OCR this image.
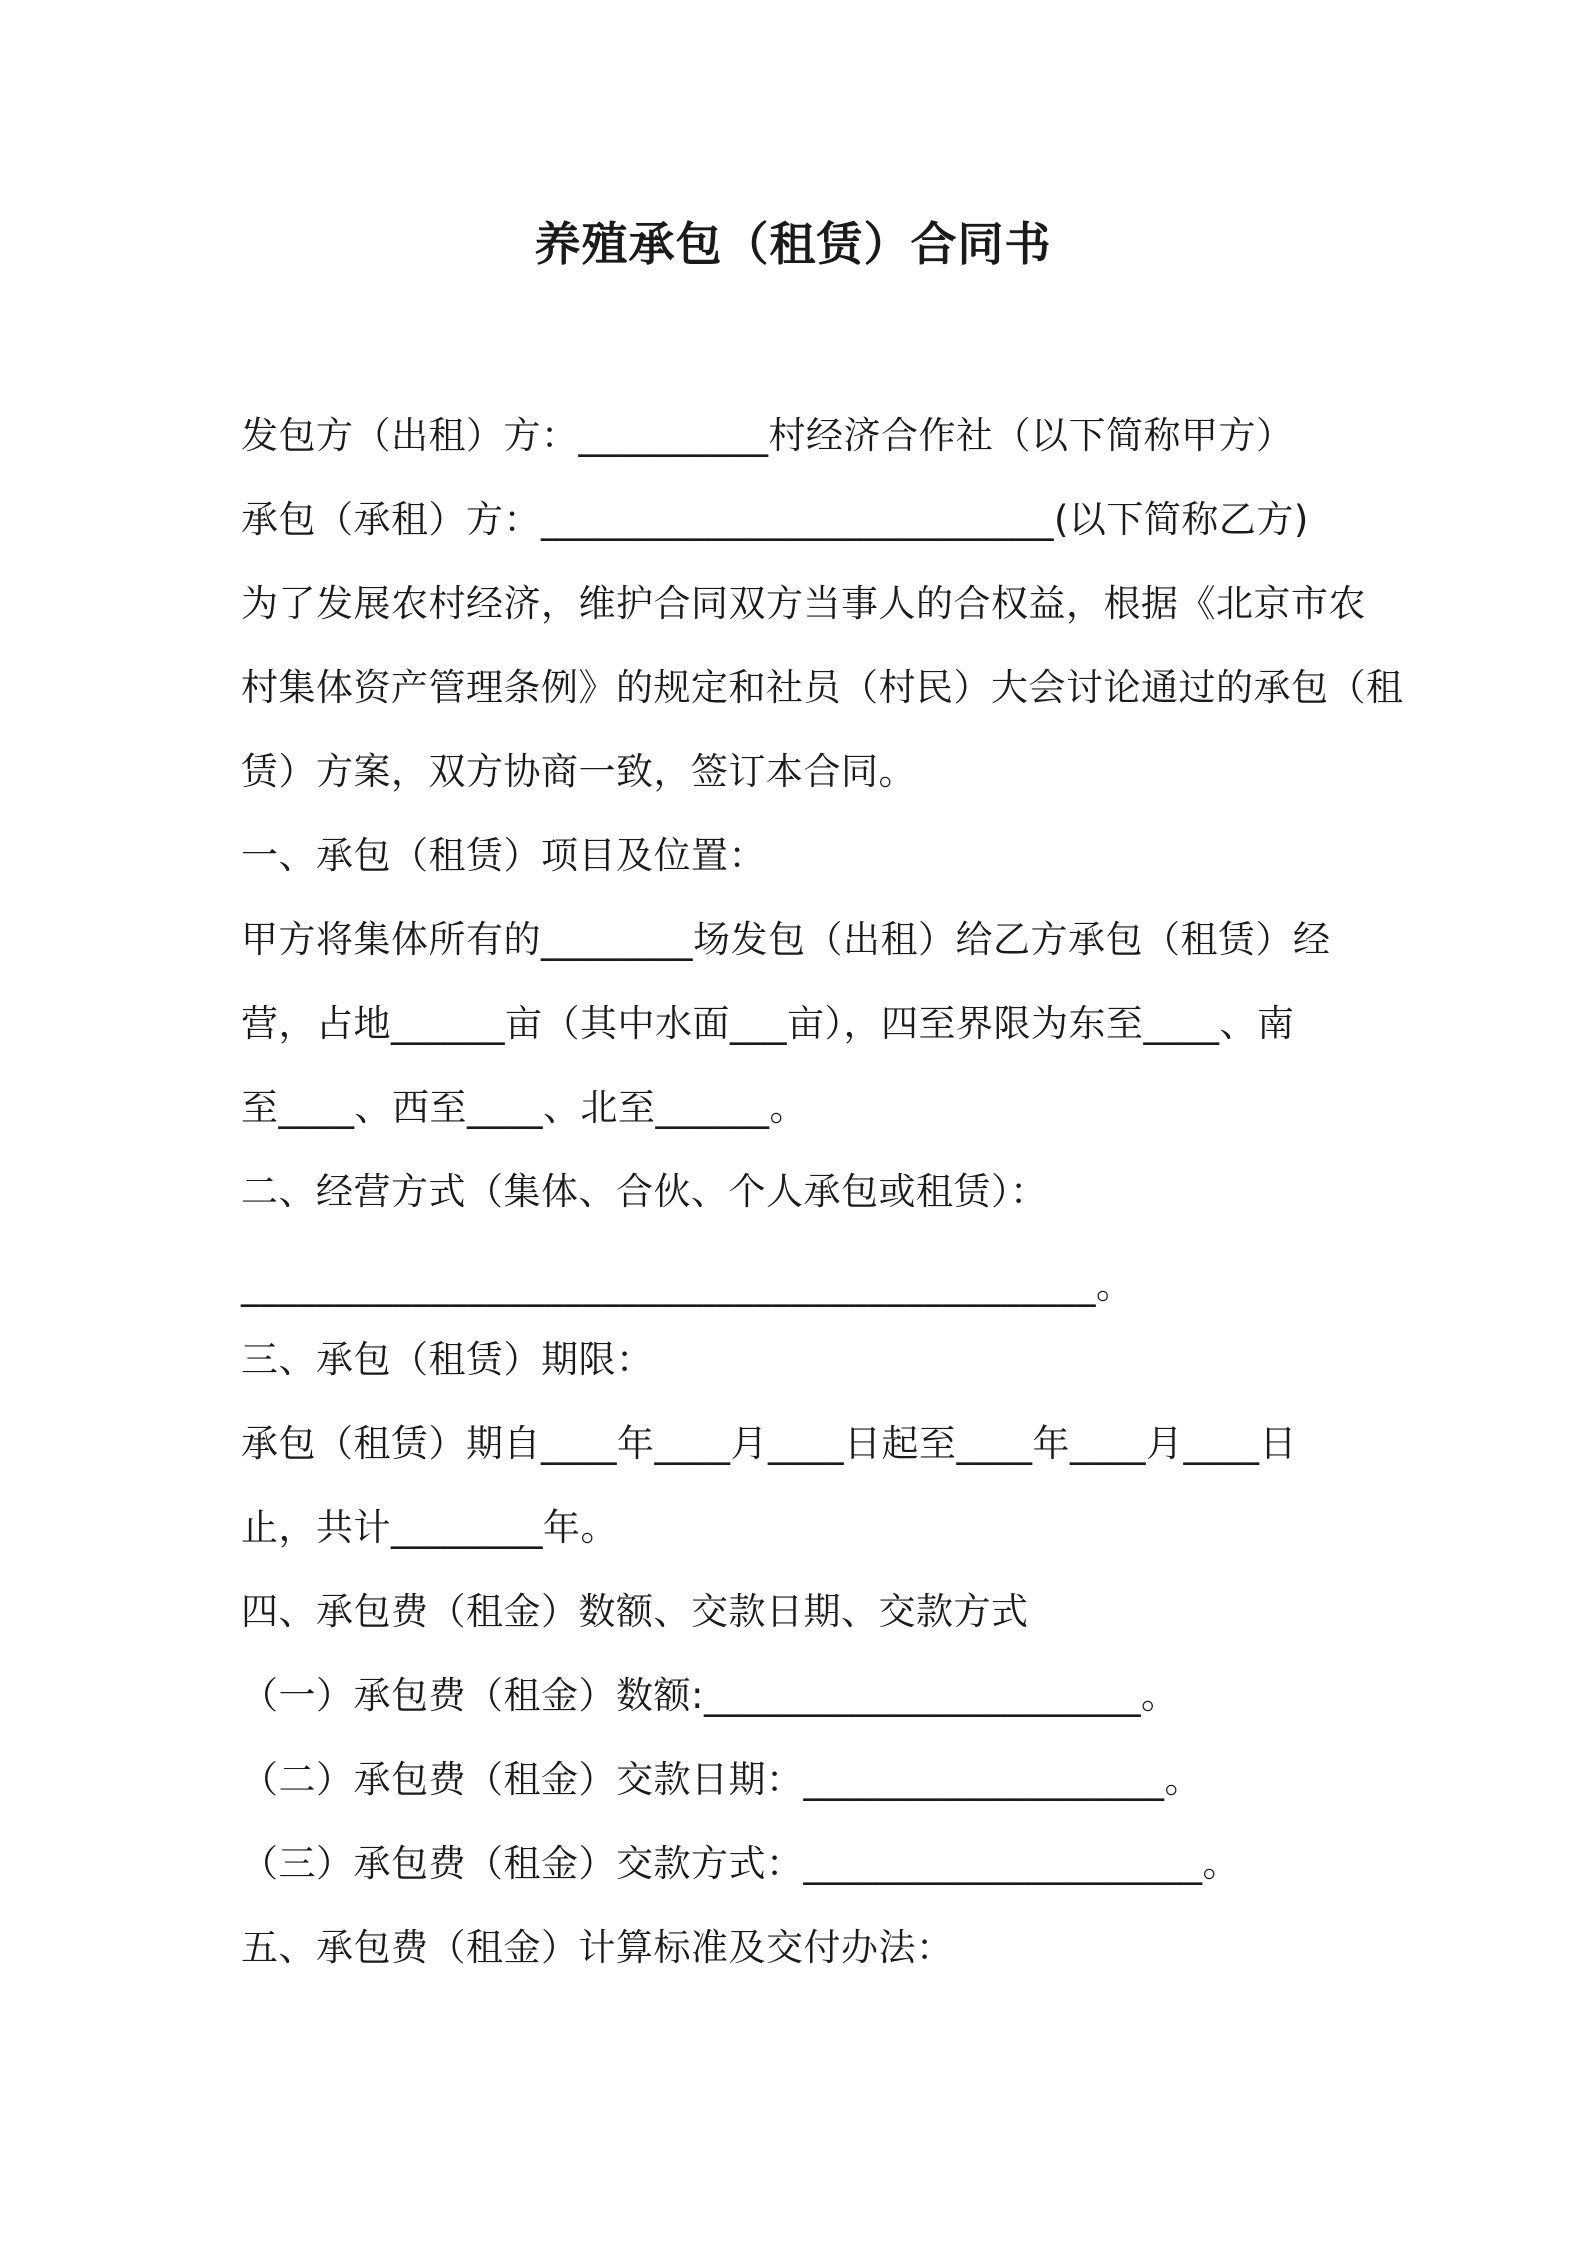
养殖承包（租赁）合同书
发包方（出租）方：__________村经济合作社（以下简称甲方）
承包（承租）方：___________________________(以下简称乙方)
为了发展农村经济，维护合同双方当事人的合权益，根据《北京市农
村集体资产管理条例》的规定和社员（村民）大会讨论通过的承包（租
赁）方案，双方协商一致，签订本合同。
一、承包（租赁）项目及位置：
甲方将集体所有的________场发包（出租）给乙方承包（租赁）经
营，占地______亩（其中水面___亩），四至界限为东至____、南
至____、西至____、北至______。
二、经营方式（集体、合伙、个人承包或租赁）：
_____________________________________________。
三、承包（租赁）期限：
承包（租赁）期自____年____月____日起至____年____月____日
止，共计________年。
四、承包费（租金）数额、交款日期、交款方式
（一）承包费（租金）数额:_______________________。
（二）承包费（租金）交款日期：___________________。
（三）承包费（租金）交款方式：_____________________。
五、承包费（租金）计算标准及交付办法：
